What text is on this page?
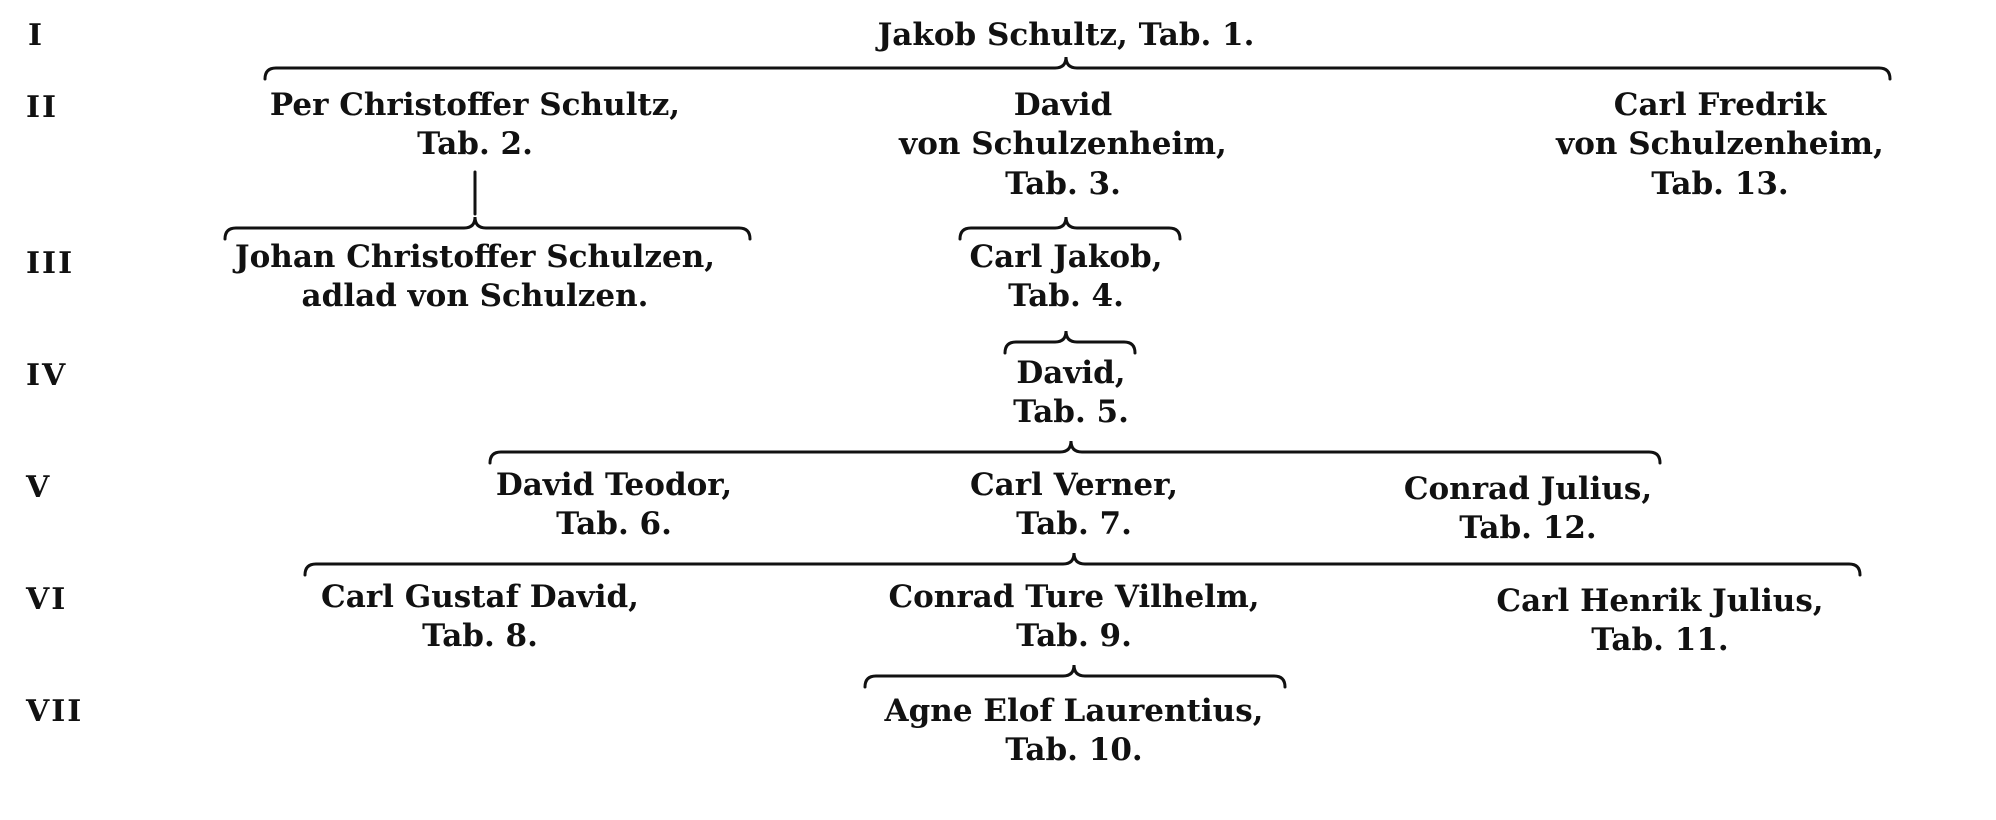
I
II
III
IV
V
VI
VII
Jakob Schultz, Tab. 1.
Per Christoffer Schultz,
Tab. 2.
David
von Schulzenheim,
Tab. 3.
Carl Fredrik
von Schulzenheim,
Tab. 13.
Johan Christoffer Schulzen,
adlad von Schulzen.
Carl Jakob,
Tab. 4.
David,
Tab. 5.
David Teodor,
Tab. 6.
Carl Verner,
Tab. 7.
Conrad Julius,
Tab. 12.
Carl Gustaf David,
Tab. 8.
Conrad Ture Vilhelm,
Tab. 9.
Carl Henrik Julius,
Tab. 11.
Agne Elof Laurentius,
Tab. 10.
